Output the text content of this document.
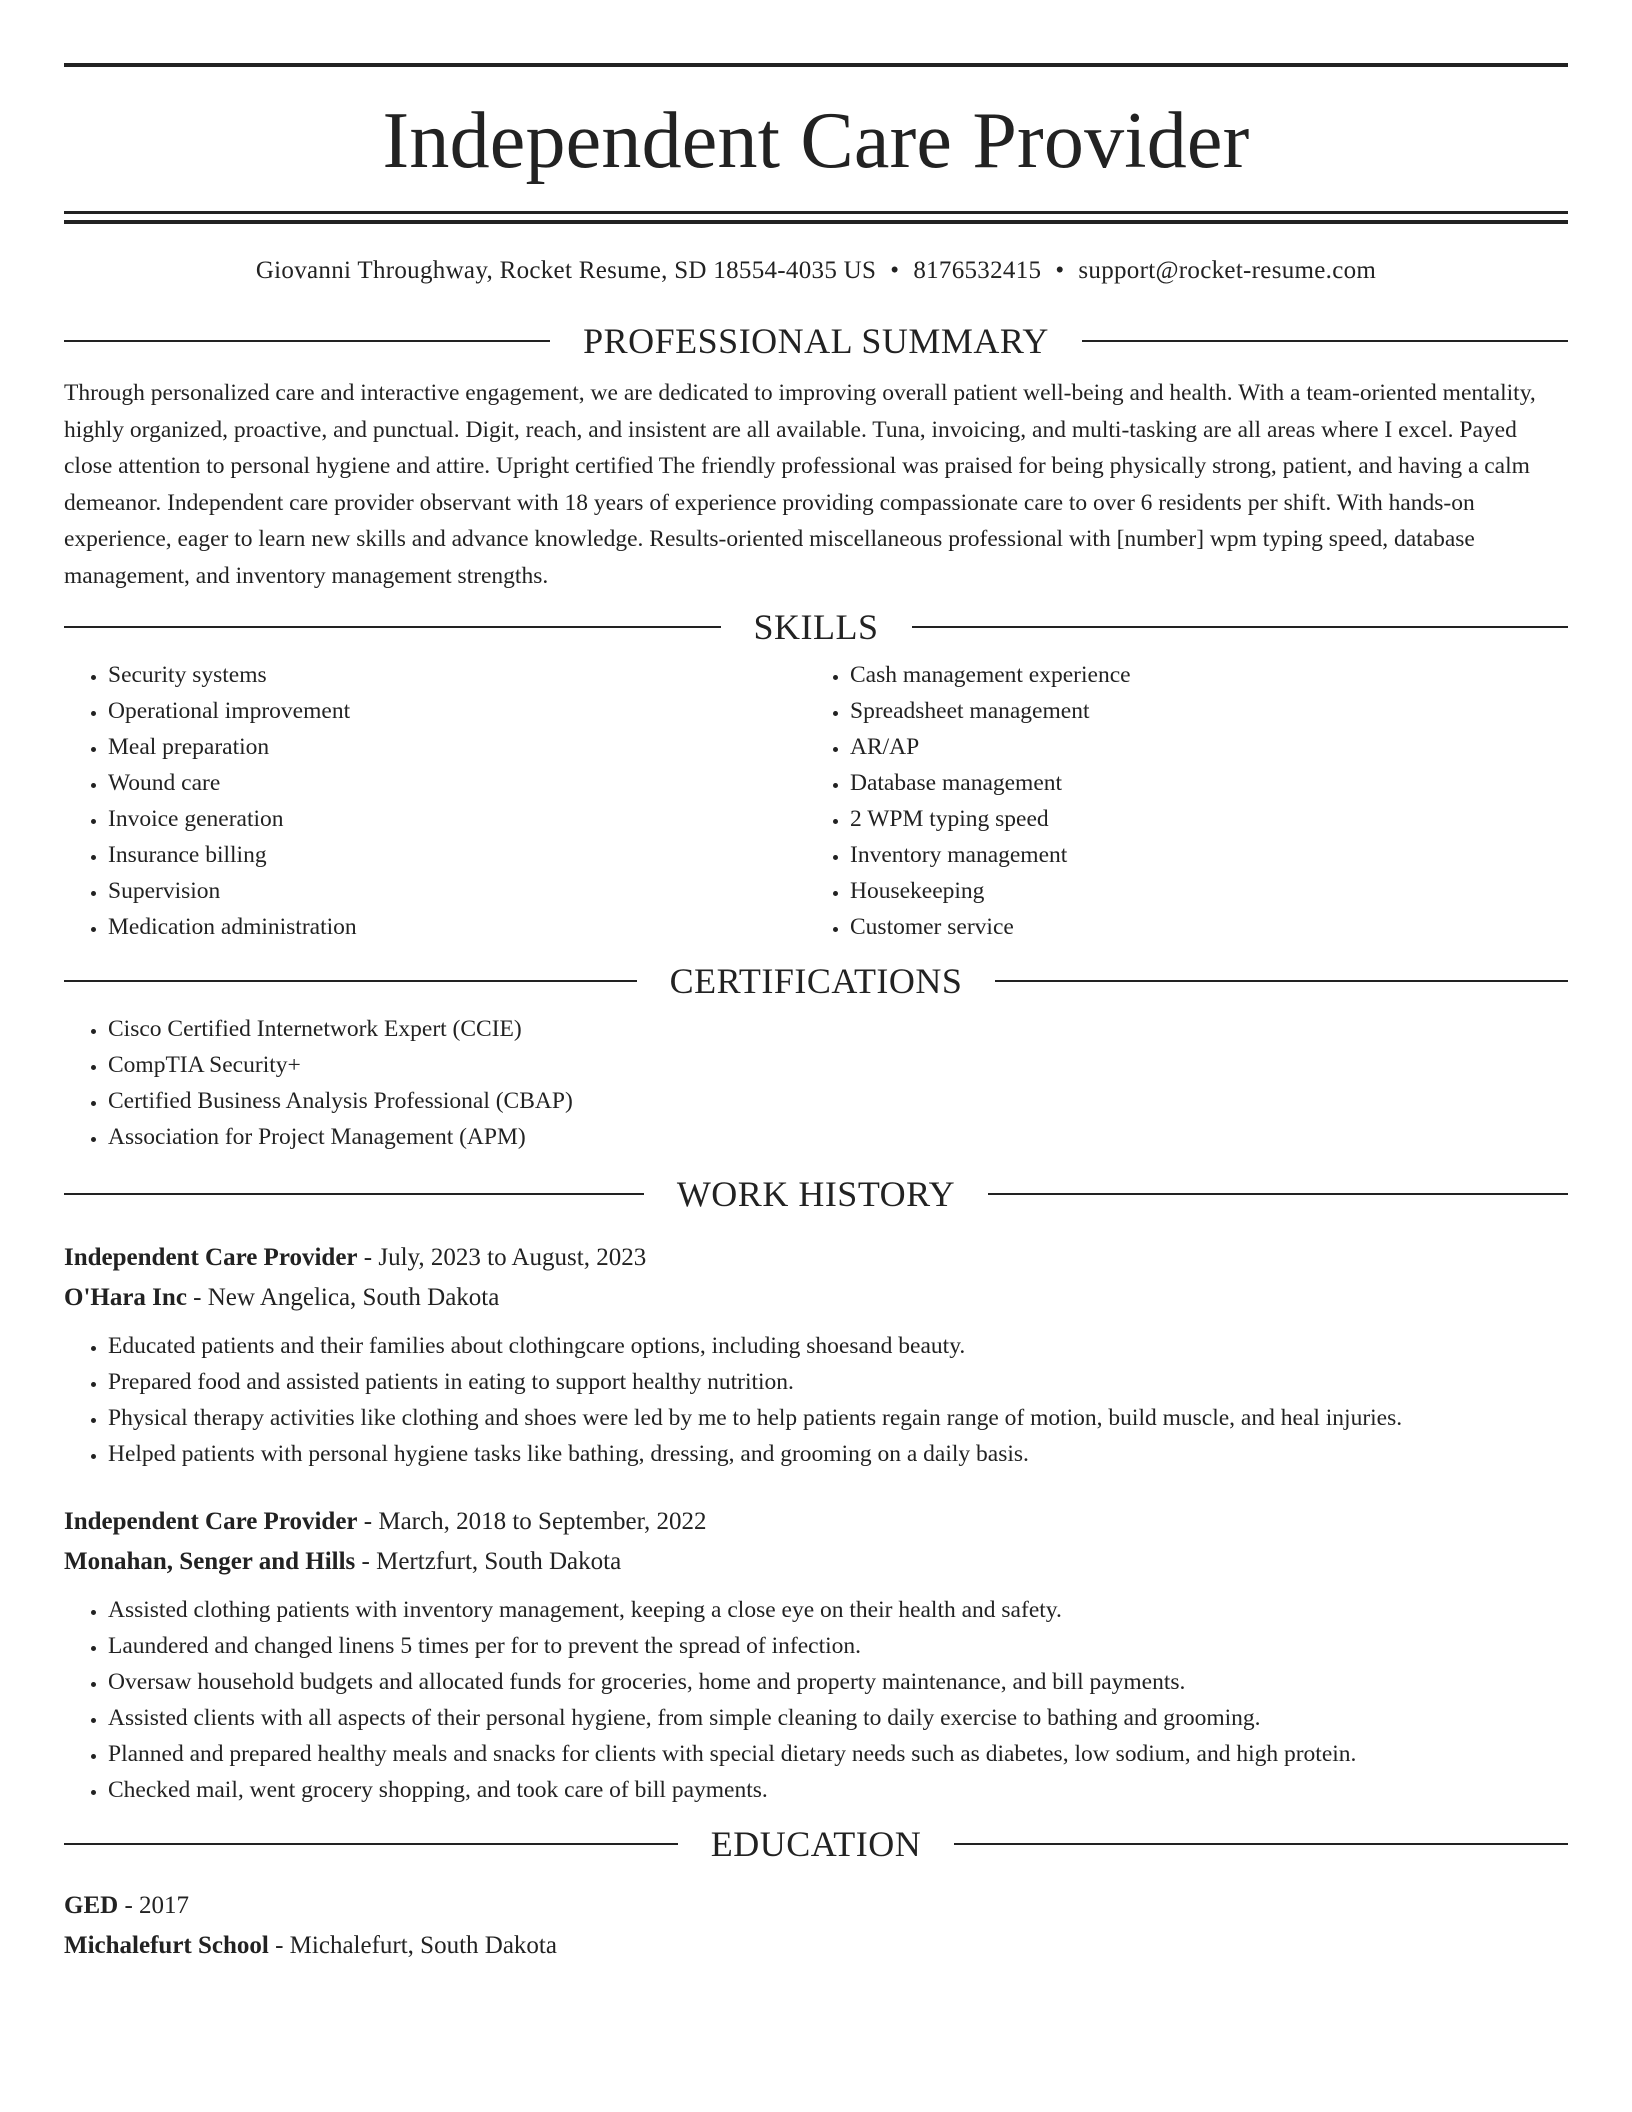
Independent Care Provider
Giovanni Throughway, Rocket Resume, SD 18554-4035 US • 8176532415 • support@rocket-resume.com
PROFESSIONAL SUMMARY

Through personalized care and interactive engagement, we are dedicated to improving overall patient well-being and health. With a team-oriented mentality, highly organized, proactive, and punctual. Digit, reach, and insistent are all available. Tuna, invoicing, and multi-tasking are all areas where I excel. Payed close attention to personal hygiene and attire. Upright certified The friendly professional was praised for being physically strong, patient, and having a calm demeanor. Independent care provider observant with 18 years of experience providing compassionate care to over 6 residents per shift. With hands-on experience, eager to learn new skills and advance knowledge. Results-oriented miscellaneous professional with [number] wpm typing speed, database management, and inventory management strengths.

SKILLS
• Security systems
• Operational improvement
• Meal preparation
• Wound care
• Invoice generation
• Insurance billing
• Supervision
• Medication administration
• Cash management experience
• Spreadsheet management
• AR/AP
• Database management
• 2 WPM typing speed
• Inventory management
• Housekeeping
• Customer service
CERTIFICATIONS
• Cisco Certified Internetwork Expert (CCIE)
• CompTIA Security+
• Certified Business Analysis Professional (CBAP)
• Association for Project Management (APM)
WORK HISTORY
Independent Care Provider - July, 2023 to August, 2023
O'Hara Inc - New Angelica, South Dakota
• Educated patients and their families about clothingcare options, including shoesand beauty.
• Prepared food and assisted patients in eating to support healthy nutrition.
• Physical therapy activities like clothing and shoes were led by me to help patients regain range of motion, build muscle, and heal injuries.
• Helped patients with personal hygiene tasks like bathing, dressing, and grooming on a daily basis.
Independent Care Provider - March, 2018 to September, 2022
Monahan, Senger and Hills - Mertzfurt, South Dakota
• Assisted clothing patients with inventory management, keeping a close eye on their health and safety.
• Laundered and changed linens 5 times per for to prevent the spread of infection.
• Oversaw household budgets and allocated funds for groceries, home and property maintenance, and bill payments.
• Assisted clients with all aspects of their personal hygiene, from simple cleaning to daily exercise to bathing and grooming.
• Planned and prepared healthy meals and snacks for clients with special dietary needs such as diabetes, low sodium, and high protein.
• Checked mail, went grocery shopping, and took care of bill payments.
EDUCATION
GED - 2017
Michalefurt School - Michalefurt, South Dakota
